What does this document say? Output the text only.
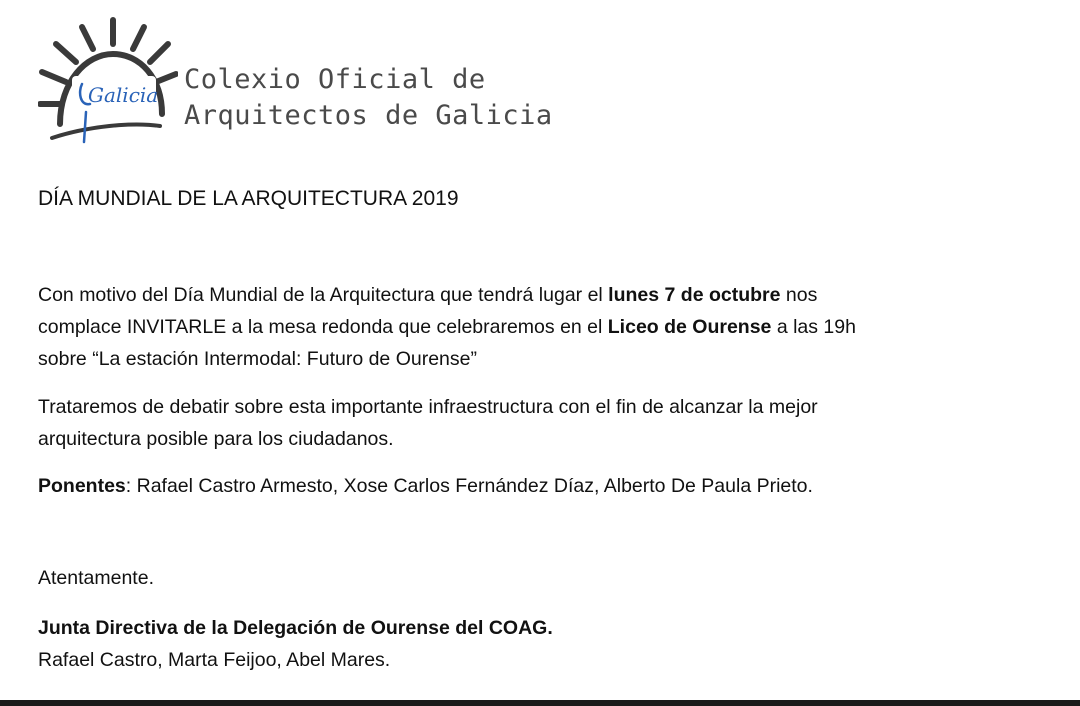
Galicia Colexio Oficial de
Arquitectos de Galicia
DÍA MUNDIAL DE LA ARQUITECTURA 2019
Con motivo del Día Mundial de la Arquitectura que tendrá lugar el lunes 7 de octubre nos
complace INVITARLE a la mesa redonda que celebraremos en el Liceo de Ourense a las 19h
sobre “La estación Intermodal: Futuro de Ourense”
Trataremos de debatir sobre esta importante infraestructura con el fin de alcanzar la mejor
arquitectura posible para los ciudadanos.
Ponentes: Rafael Castro Armesto, Xose Carlos Fernández Díaz, Alberto De Paula Prieto.
Atentamente.
Junta Directiva de la Delegación de Ourense del COAG.
Rafael Castro, Marta Feijoo, Abel Mares.
